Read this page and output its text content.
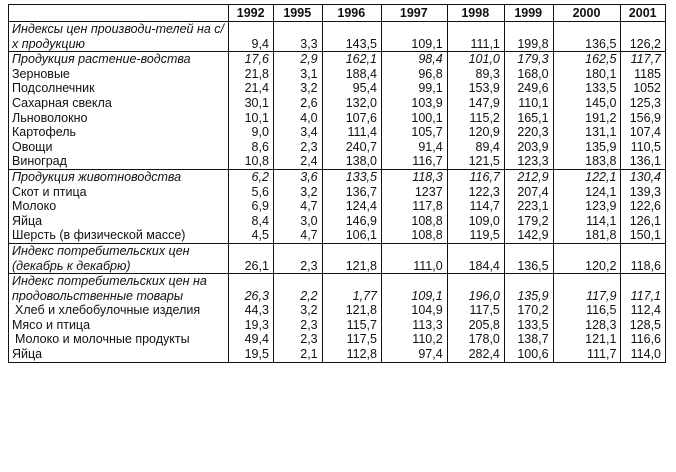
	1992	1995	1996	1997	1998	1999	2000	2001
Индексы цен производи-телей на с/х продукцию	9,4	3,3	143,5	109,1	111,1	199,8	136,5	126,2
Продукция растение-водства	17,6	2,9	162,1	98,4	101,0	179,3	162,5	117,7
Зерновые	21,8	3,1	188,4	96,8	89,3	168,0	180,1	1185
Подсолнечник	21,4	3,2	95,4	99,1	153,9	249,6	133,5	1052
Сахарная свекла	30,1	2,6	132,0	103,9	147,9	110,1	145,0	125,3
Льноволокно	10,1	4,0	107,6	100,1	115,2	165,1	191,2	156,9
Картофель	9,0	3,4	111,4	105,7	120,9	220,3	131,1	107,4
Овощи	8,6	2,3	240,7	91,4	89,4	203,9	135,9	110,5
Виноград	10,8	2,4	138,0	116,7	121,5	123,3	183,8	136,1
Продукция животноводства	6,2	3,6	133,5	118,3	116,7	212,9	122,1	130,4
Скот и птица	5,6	3,2	136,7	1237	122,3	207,4	124,1	139,3
Молоко	6,9	4,7	124,4	117,8	114,7	223,1	123,9	122,6
Яйца	8,4	3,0	146,9	108,8	109,0	179,2	114,1	126,1
Шерсть (в физической массе)	4,5	4,7	106,1	108,8	119,5	142,9	181,8	150,1
Индекс потребительских цен (декабрь к декабрю)	26,1	2,3	121,8	111,0	184,4	136,5	120,2	118,6
Индекс потребительских цен на продовольственные товары	26,3	2,2	1,77	109,1	196,0	135,9	117,9	117,1
Хлеб и хлебобулочные изделия	44,3	3,2	121,8	104,9	117,5	170,2	116,5	112,4
Мясо и птица	19,3	2,3	115,7	113,3	205,8	133,5	128,3	128,5
Молоко и молочные продукты	49,4	2,3	117,5	110,2	178,0	138,7	121,1	116,6
Яйца	19,5	2,1	112,8	97,4	282,4	100,6	111,7	114,0
